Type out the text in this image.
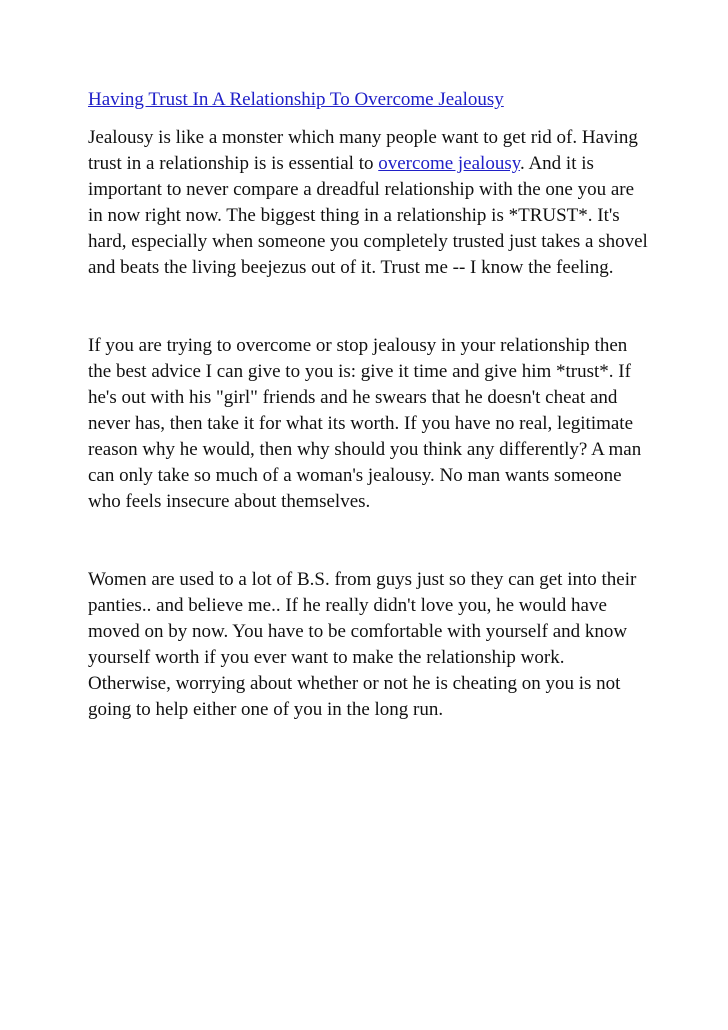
Having Trust In A Relationship To Overcome Jealousy

Jealousy is like a monster which many people want to get rid of. Having trust in a relationship is is essential to overcome jealousy. And it is important to never compare a dreadful relationship with the one you are in now right now. The biggest thing in a relationship is *TRUST*. It's hard, especially when someone you completely trusted just takes a shovel and beats the living beejezus out of it. Trust me -- I know the feeling.

If you are trying to overcome or stop jealousy in your relationship then the best advice I can give to you is: give it time and give him *trust*. If he's out with his "girl" friends and he swears that he doesn't cheat and never has, then take it for what its worth. If you have no real, legitimate reason why he would, then why should you think any differently? A man can only take so much of a woman's jealousy. No man wants someone who feels insecure about themselves.

Women are used to a lot of B.S. from guys just so they can get into their panties.. and believe me.. If he really didn't love you, he would have moved on by now. You have to be comfortable with yourself and know yourself worth if you ever want to make the relationship work. Otherwise, worrying about whether or not he is cheating on you is not going to help either one of you in the long run.
